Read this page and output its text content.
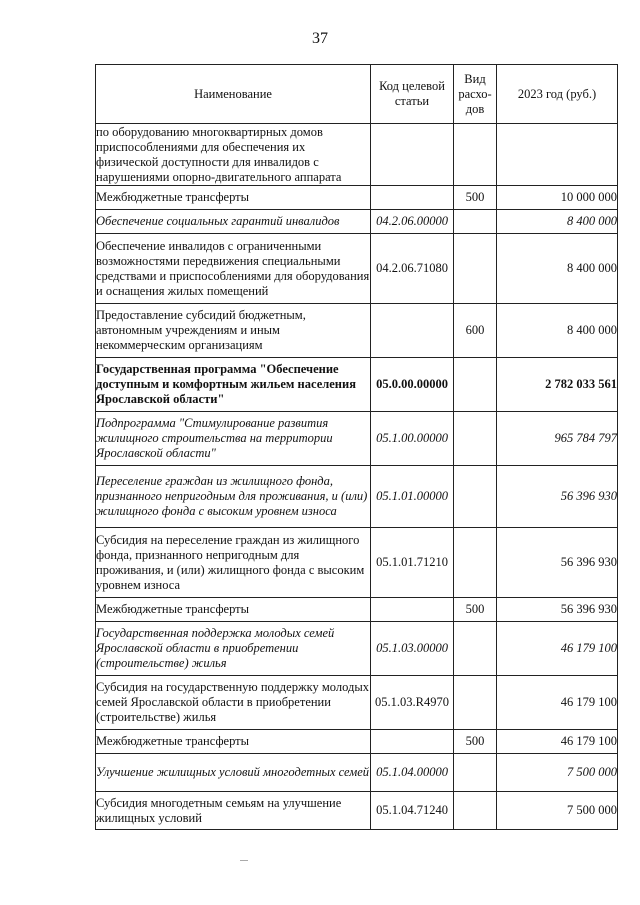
37
Наименование	Код целевой статьи	Вид расхо-дов	2023 год (руб.)
по оборудованию многоквартирных домов приспособлениями для обеспечения их физической доступности для инвалидов с нарушениями опорно-двигательного аппарата			
Межбюджетные трансферты		500	10 000 000
Обеспечение социальных гарантий инвалидов	04.2.06.00000		8 400 000
Обеспечение инвалидов с ограниченными возможностями передвижения специальными средствами и приспособлениями для оборудования и оснащения жилых помещений	04.2.06.71080		8 400 000
Предоставление субсидий бюджетным, автономным учреждениям и иным некоммерческим организациям		600	8 400 000
Государственная программа "Обеспечение доступным и комфортным жильем населения Ярославской области"	05.0.00.00000		2 782 033 561
Подпрограмма "Стимулирование развития жилищного строительства на территории Ярославской области"	05.1.00.00000		965 784 797
Переселение граждан из жилищного фонда, признанного непригодным для проживания, и (или) жилищного фонда с высоким уровнем износа	05.1.01.00000		56 396 930
Субсидия на переселение граждан из жилищного фонда, признанного непригодным для проживания, и (или) жилищного фонда с высоким уровнем износа	05.1.01.71210		56 396 930
Межбюджетные трансферты		500	56 396 930
Государственная поддержка молодых семей Ярославской области в приобретении (строительстве) жилья	05.1.03.00000		46 179 100
Субсидия на государственную поддержку молодых семей Ярославской области в приобретении (строительстве) жилья	05.1.03.R4970		46 179 100
Межбюджетные трансферты		500	46 179 100
Улучшение жилищных условий многодетных семей	05.1.04.00000		7 500 000
Субсидия многодетным семьям на улучшение жилищных условий	05.1.04.71240		7 500 000
